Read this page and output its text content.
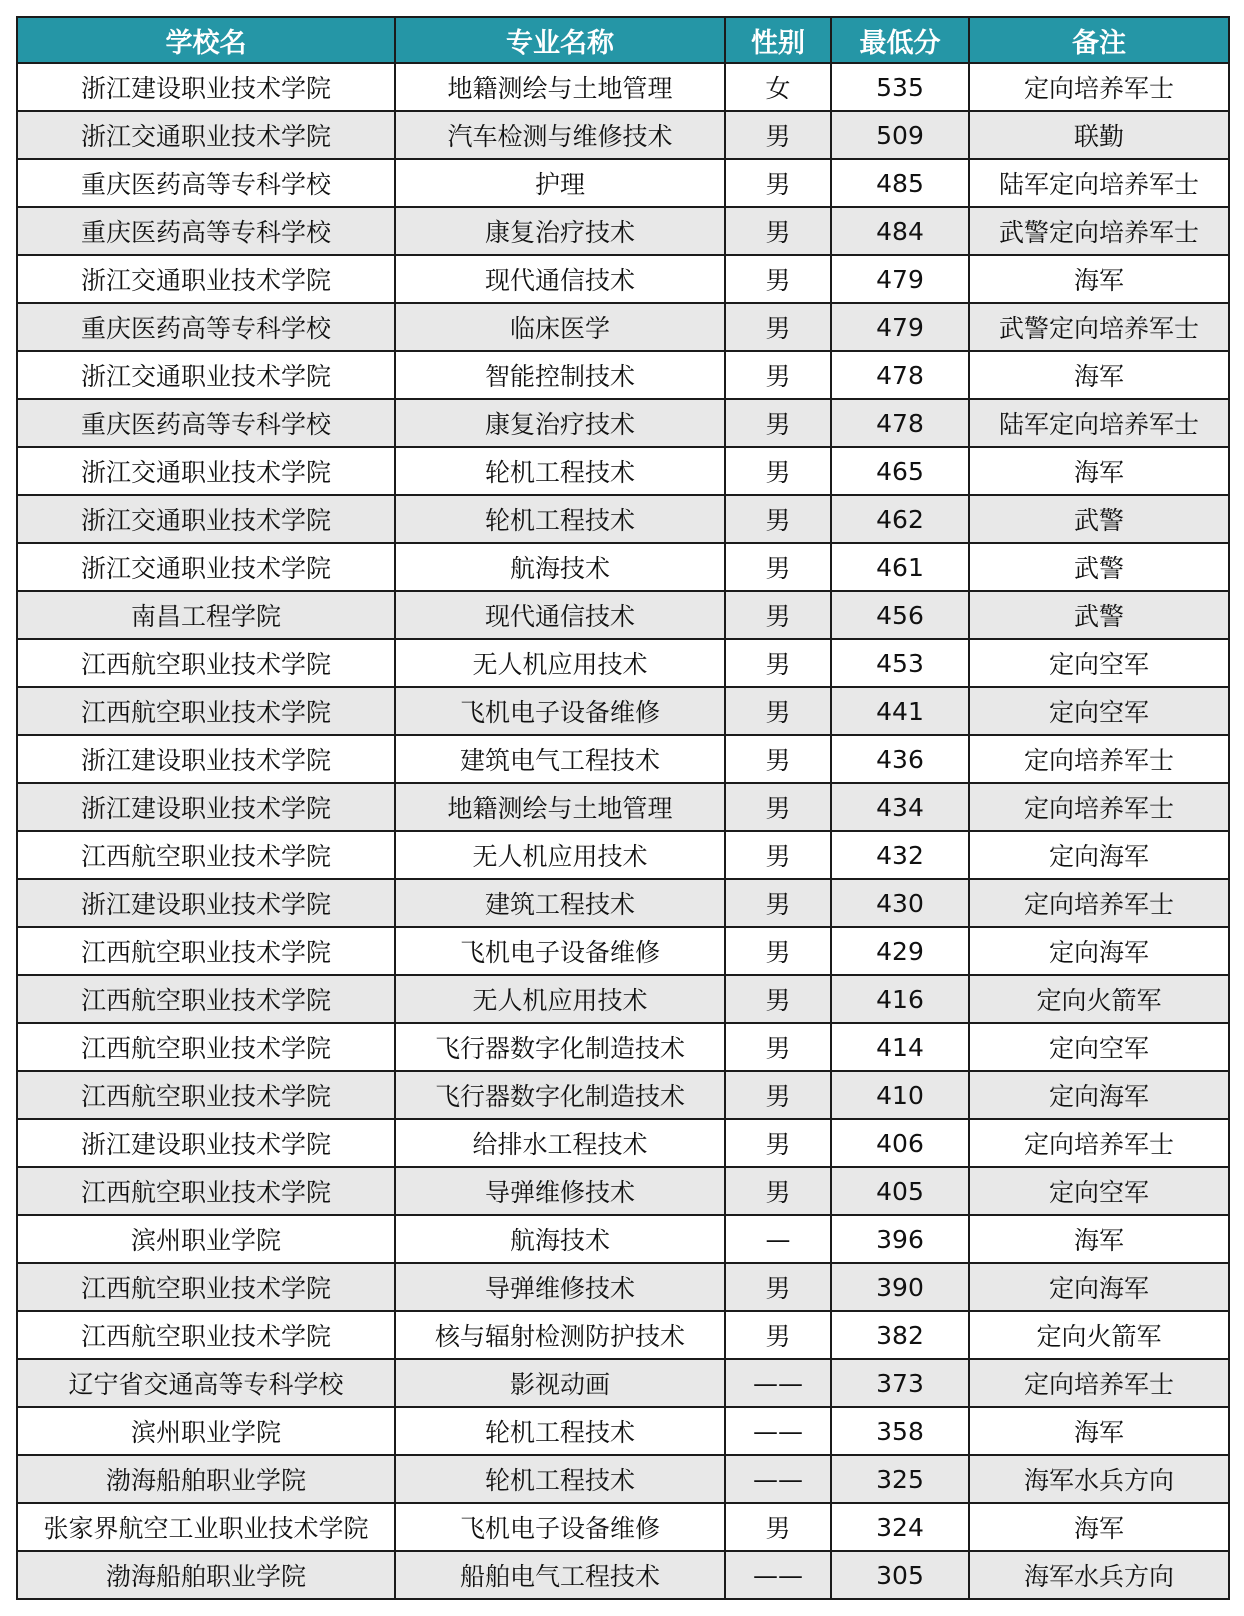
学校名	专业名称	性别	最低分	备注
浙江建设职业技术学院	地籍测绘与土地管理	女	535	定向培养军士
浙江交通职业技术学院	汽车检测与维修技术	男	509	联勤
重庆医药高等专科学校	护理	男	485	陆军定向培养军士
重庆医药高等专科学校	康复治疗技术	男	484	武警定向培养军士
浙江交通职业技术学院	现代通信技术	男	479	海军
重庆医药高等专科学校	临床医学	男	479	武警定向培养军士
浙江交通职业技术学院	智能控制技术	男	478	海军
重庆医药高等专科学校	康复治疗技术	男	478	陆军定向培养军士
浙江交通职业技术学院	轮机工程技术	男	465	海军
浙江交通职业技术学院	轮机工程技术	男	462	武警
浙江交通职业技术学院	航海技术	男	461	武警
南昌工程学院	现代通信技术	男	456	武警
江西航空职业技术学院	无人机应用技术	男	453	定向空军
江西航空职业技术学院	飞机电子设备维修	男	441	定向空军
浙江建设职业技术学院	建筑电气工程技术	男	436	定向培养军士
浙江建设职业技术学院	地籍测绘与土地管理	男	434	定向培养军士
江西航空职业技术学院	无人机应用技术	男	432	定向海军
浙江建设职业技术学院	建筑工程技术	男	430	定向培养军士
江西航空职业技术学院	飞机电子设备维修	男	429	定向海军
江西航空职业技术学院	无人机应用技术	男	416	定向火箭军
江西航空职业技术学院	飞行器数字化制造技术	男	414	定向空军
江西航空职业技术学院	飞行器数字化制造技术	男	410	定向海军
浙江建设职业技术学院	给排水工程技术	男	406	定向培养军士
江西航空职业技术学院	导弹维修技术	男	405	定向空军
滨州职业学院	航海技术	—	396	海军
江西航空职业技术学院	导弹维修技术	男	390	定向海军
江西航空职业技术学院	核与辐射检测防护技术	男	382	定向火箭军
辽宁省交通高等专科学校	影视动画	——	373	定向培养军士
滨州职业学院	轮机工程技术	——	358	海军
渤海船舶职业学院	轮机工程技术	——	325	海军水兵方向
张家界航空工业职业技术学院	飞机电子设备维修	男	324	海军
渤海船舶职业学院	船舶电气工程技术	——	305	海军水兵方向
